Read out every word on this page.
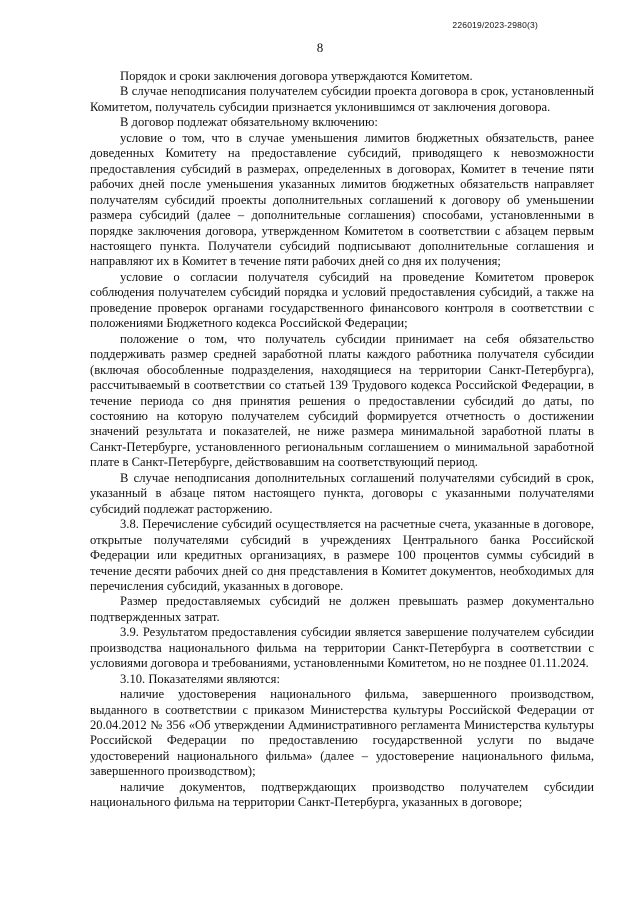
226019/2023-2980(3)
8

Порядок и сроки заключения договора утверждаются Комитетом.

В случае неподписания получателем субсидии проекта договора в срок, установленный Комитетом, получатель субсидии признается уклонившимся от заключения договора.

В договор подлежат обязательному включению:

условие о том, что в случае уменьшения лимитов бюджетных обязательств, ранее доведенных Комитету на предоставление субсидий, приводящего к невозможности предоставления субсидий в размерах, определенных в договорах, Комитет в течение пяти рабочих дней после уменьшения указанных лимитов бюджетных обязательств направляет получателям субсидий проекты дополнительных соглашений к договору об уменьшении размера субсидий (далее – дополнительные соглашения) способами, установленными в порядке заключения договора, утвержденном Комитетом в соответствии с абзацем первым настоящего пункта. Получатели субсидий подписывают дополнительные соглашения и направляют их в Комитет в течение пяти рабочих дней со дня их получения;

условие о согласии получателя субсидий на проведение Комитетом проверок соблюдения получателем субсидий порядка и условий предоставления субсидий, а также на проведение проверок органами государственного финансового контроля в соответствии с положениями Бюджетного кодекса Российской Федерации;

положение о том, что получатель субсидии принимает на себя обязательство поддерживать размер средней заработной платы каждого работника получателя субсидии (включая обособленные подразделения, находящиеся на территории Санкт-Петербурга), рассчитываемый в соответствии со статьей 139 Трудового кодекса Российской Федерации, в течение периода со дня принятия решения о предоставлении субсидий до даты, по состоянию на которую получателем субсидий формируется отчетность о достижении значений результата и показателей, не ниже размера минимальной заработной платы в Санкт-Петербурге, установленного региональным соглашением о минимальной заработной плате в Санкт-Петербурге, действовавшим на соответствующий период.

В случае неподписания дополнительных соглашений получателями субсидий в срок, указанный в абзаце пятом настоящего пункта, договоры с указанными получателями субсидий подлежат расторжению.

3.8. Перечисление субсидий осуществляется на расчетные счета, указанные в договоре, открытые получателями субсидий в учреждениях Центрального банка Российской Федерации или кредитных организациях, в размере 100 процентов суммы субсидий в течение десяти рабочих дней со дня представления в Комитет документов, необходимых для перечисления субсидий, указанных в договоре.

Размер предоставляемых субсидий не должен превышать размер документально подтвержденных затрат.

3.9. Результатом предоставления субсидии является завершение получателем субсидии производства национального фильма на территории Санкт-Петербурга в соответствии с условиями договора и требованиями, установленными Комитетом, но не позднее 01.11.2024.

3.10. Показателями являются:

наличие удостоверения национального фильма, завершенного производством, выданного в соответствии с приказом Министерства культуры Российской Федерации от 20.04.2012 № 356 «Об утверждении Административного регламента Министерства культуры Российской Федерации по предоставлению государственной услуги по выдаче удостоверений национального фильма» (далее – удостоверение национального фильма, завершенного производством);

наличие документов, подтверждающих производство получателем субсидии национального фильма на территории Санкт-Петербурга, указанных в договоре;
